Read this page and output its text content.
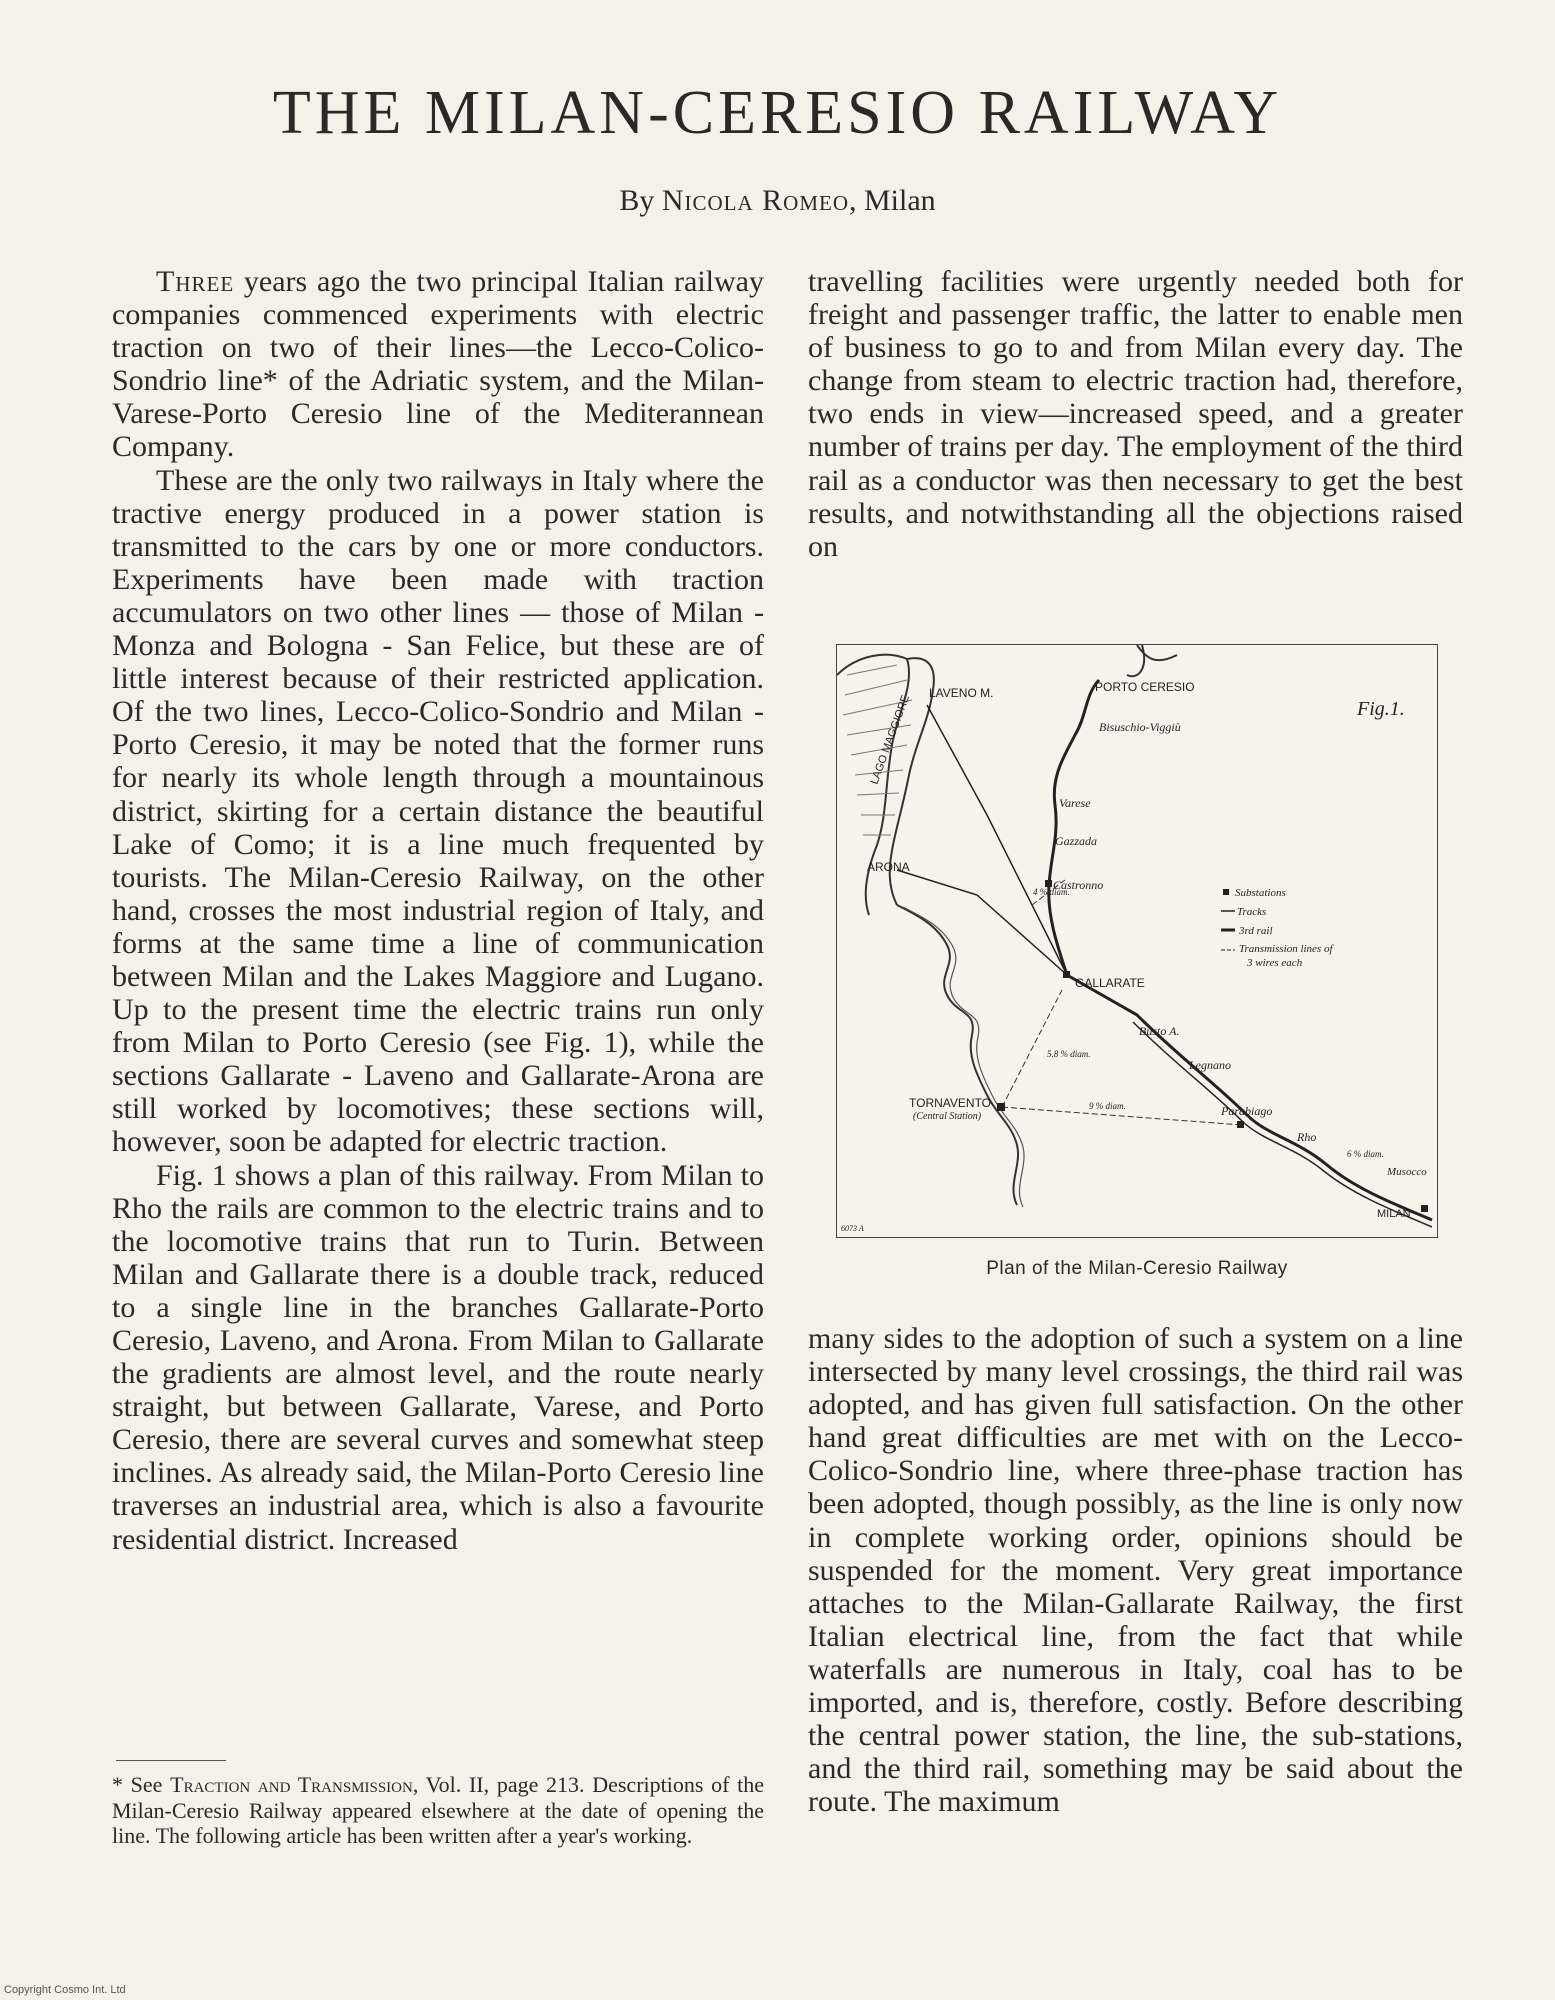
THE MILAN-CERESIO RAILWAY

By Nicola Romeo, Milan

Three years ago the two principal Italian railway companies commenced experiments with electric traction on two of their lines—the Lecco-Colico-Sondrio line* of the Adriatic system, and the Milan-Varese-Porto Ceresio line of the Mediterannean Company.

These are the only two railways in Italy where the tractive energy produced in a power station is transmitted to the cars by one or more conductors. Experiments have been made with traction accumulators on two other lines — those of Milan - Monza and Bologna - San Felice, but these are of little interest because of their restricted application. Of the two lines, Lecco-Colico-Sondrio and Milan - Porto Ceresio, it may be noted that the former runs for nearly its whole length through a mountainous district, skirting for a certain distance the beautiful Lake of Como; it is a line much frequented by tourists. The Milan-Ceresio Railway, on the other hand, crosses the most industrial region of Italy, and forms at the same time a line of communication between Milan and the Lakes Maggiore and Lugano. Up to the present time the electric trains run only from Milan to Porto Ceresio (see Fig. 1), while the sections Gallarate - Laveno and Gallarate-Arona are still worked by locomotives; these sections will, however, soon be adapted for electric traction.

Fig. 1 shows a plan of this railway. From Milan to Rho the rails are common to the electric trains and to the locomotive trains that run to Turin. Between Milan and Gallarate there is a double track, reduced to a single line in the branches Gallarate-Porto Ceresio, Laveno, and Arona. From Milan to Gallarate the gradients are almost level, and the route nearly straight, but between Gallarate, Varese, and Porto Ceresio, there are several curves and somewhat steep inclines. As already said, the Milan-Porto Ceresio line traverses an industrial area, which is also a favourite residential district. Increased

travelling facilities were urgently needed both for freight and passenger traffic, the latter to enable men of business to go to and from Milan every day. The change from steam to electric traction had, therefore, two ends in view—increased speed, and a greater number of trains per day. The employment of the third rail as a conductor was then necessary to get the best results, and notwithstanding all the objections raised on

LAGO MAGGIORE
PORTO CERESIO
LAVENO M.
Bisuschio-Viggiù
Varese
Gazzada
Castronno
ARONA
GALLARATE
Busto A.
Legnano
Parabiago
Rho
Musocco
MILAN
TORNAVENTO
(Central Station)
4 % diam.
5.8 % diam.
9 % diam.
6 % diam.
Fig.1.
Substations
Tracks
3rd rail
Transmission lines of
3 wires each
6073 A

Plan of the Milan-Ceresio Railway

many sides to the adoption of such a system on a line intersected by many level crossings, the third rail was adopted, and has given full satisfaction. On the other hand great difficulties are met with on the Lecco-Colico-Sondrio line, where three-phase traction has been adopted, though possibly, as the line is only now in complete working order, opinions should be suspended for the moment. Very great importance attaches to the Milan-Gallarate Railway, the first Italian electrical line, from the fact that while waterfalls are numerous in Italy, coal has to be imported, and is, therefore, costly. Before describing the central power station, the line, the sub-stations, and the third rail, something may be said about the route. The maximum

* See Traction and Transmission, Vol. II, page 213. Descriptions of the Milan-Ceresio Railway appeared elsewhere at the date of opening the line. The following article has been written after a year's working.

Copyright Cosmo Int. Ltd
